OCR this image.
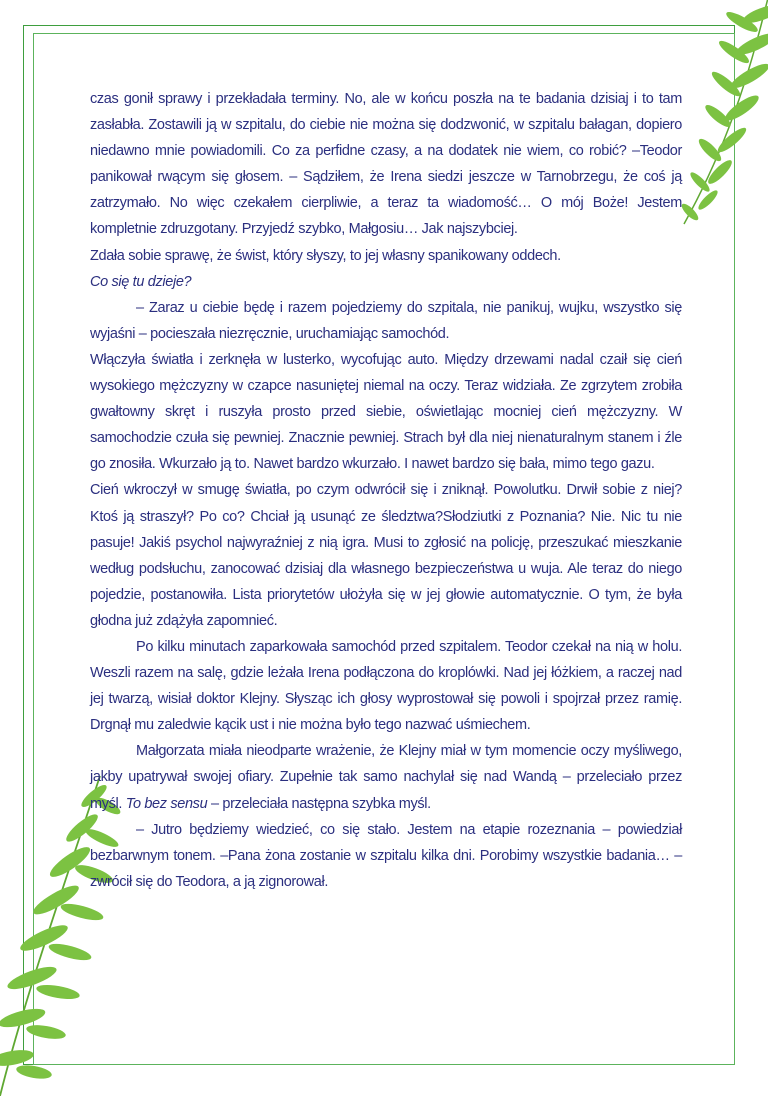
czas gonił sprawy i przekładała terminy. No, ale w końcu poszła na te badania dzisiaj i to tam zasłabła. Zostawili ją w szpitalu, do ciebie nie można się dodzwonić, w szpitalu bałagan, dopiero niedawno mnie powiadomili. Co za perfidne czasy, a na dodatek nie wiem, co robić? –Teodor panikował rwącym się głosem. – Sądziłem, że Irena siedzi jeszcze w Tarnobrzegu, że coś ją zatrzymało. No więc czekałem cierpliwie, a teraz ta wiadomość… O mój Boże! Jestem kompletnie zdruzgotany. Przyjedź szybko, Małgosiu… Jak najszybciej.

Zdała sobie sprawę, że świst, który słyszy, to jej własny spanikowany oddech.

Co się tu dzieje?

– Zaraz u ciebie będę i razem pojedziemy do szpitala, nie panikuj, wujku, wszystko się wyjaśni – pocieszała niezręcznie, uruchamiając samochód.

Włączyła światła i zerknęła w lusterko, wycofując auto. Między drzewami nadal czaił się cień wysokiego mężczyzny w czapce nasuniętej niemal na oczy. Teraz widziała. Ze zgrzytem zrobiła gwałtowny skręt i ruszyła prosto przed siebie, oświetlając mocniej cień mężczyzny. W samochodzie czuła się pewniej. Znacznie pewniej. Strach był dla niej nienaturalnym stanem i źle go znosiła. Wkurzało ją to. Nawet bardzo wkurzało. I nawet bardzo się bała, mimo tego gazu.

Cień wkroczył w smugę światła, po czym odwrócił się i zniknął. Powolutku. Drwił sobie z niej? Ktoś ją straszył? Po co? Chciał ją usunąć ze śledztwa?Słodziutki z Poznania? Nie. Nic tu nie pasuje! Jakiś psychol najwyraźniej z nią igra. Musi to zgłosić na policję, przeszukać mieszkanie według podsłuchu, zanocować dzisiaj dla własnego bezpieczeństwa u wuja. Ale teraz do niego pojedzie, postanowiła. Lista priorytetów ułożyła się w jej głowie automatycznie. O tym, że była głodna już zdążyła zapomnieć.

Po kilku minutach zaparkowała samochód przed szpitalem. Teodor czekał na nią w holu. Weszli razem na salę, gdzie leżała Irena podłączona do kroplówki. Nad jej łóżkiem, a raczej nad jej twarzą, wisiał doktor Klejny. Słysząc ich głosy wyprostował się powoli i spojrzał przez ramię. Drgnął mu zaledwie kącik ust i nie można było tego nazwać uśmiechem.

Małgorzata miała nieodparte wrażenie, że Klejny miał w tym momencie oczy myśliwego, jakby upatrywał swojej ofiary. Zupełnie tak samo nachylał się nad Wandą – przeleciało przez myśl. To bez sensu – przeleciała następna szybka myśl.

– Jutro będziemy wiedzieć, co się stało. Jestem na etapie rozeznania – powiedział bezbarwnym tonem. –Pana żona zostanie w szpitalu kilka dni. Porobimy wszystkie badania… – zwrócił się do Teodora, a ją zignorował.
